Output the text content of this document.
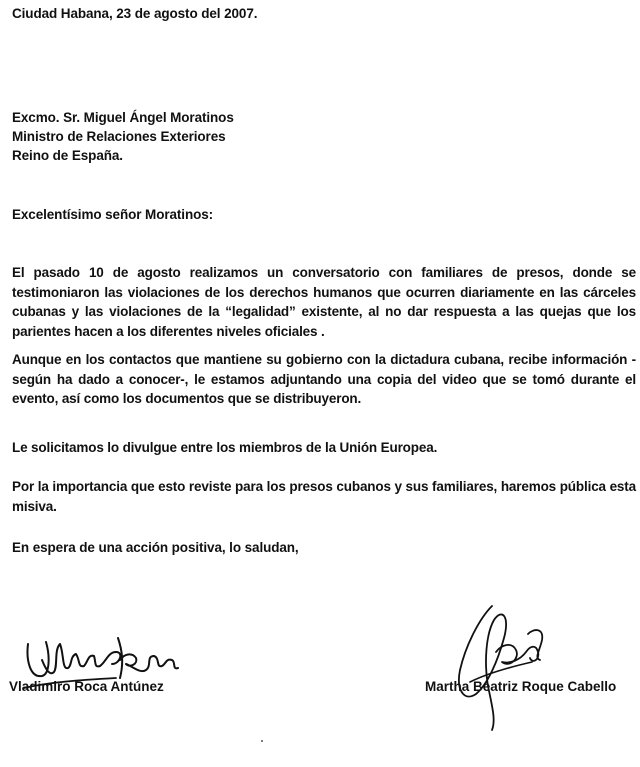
Ciudad Habana, 23 de agosto del 2007.
Excmo. Sr. Miguel Ángel Moratinos
Ministro de Relaciones Exteriores
Reino de España.
Excelentísimo señor Moratinos:
El pasado 10 de agosto realizamos un conversatorio con familiares de presos, donde se testimoniaron las violaciones de los derechos humanos que ocurren diariamente en las cárceles cubanas y las violaciones de la “legalidad” existente, al no dar respuesta a las quejas que los parientes hacen a los diferentes niveles oficiales .
Aunque en los contactos que mantiene su gobierno con la dictadura cubana, recibe información -según ha dado a conocer-, le estamos adjuntando una copia del video que se tomó durante el evento, así como los documentos que se distribuyeron.
Le solicitamos lo divulgue entre los miembros de la Unión Europea.
Por la importancia que esto reviste para los presos cubanos y sus familiares, haremos pública esta misiva.
En espera de una acción positiva, lo saludan,
Vladimiro Roca Antúnez	Martha Beatriz Roque Cabello
